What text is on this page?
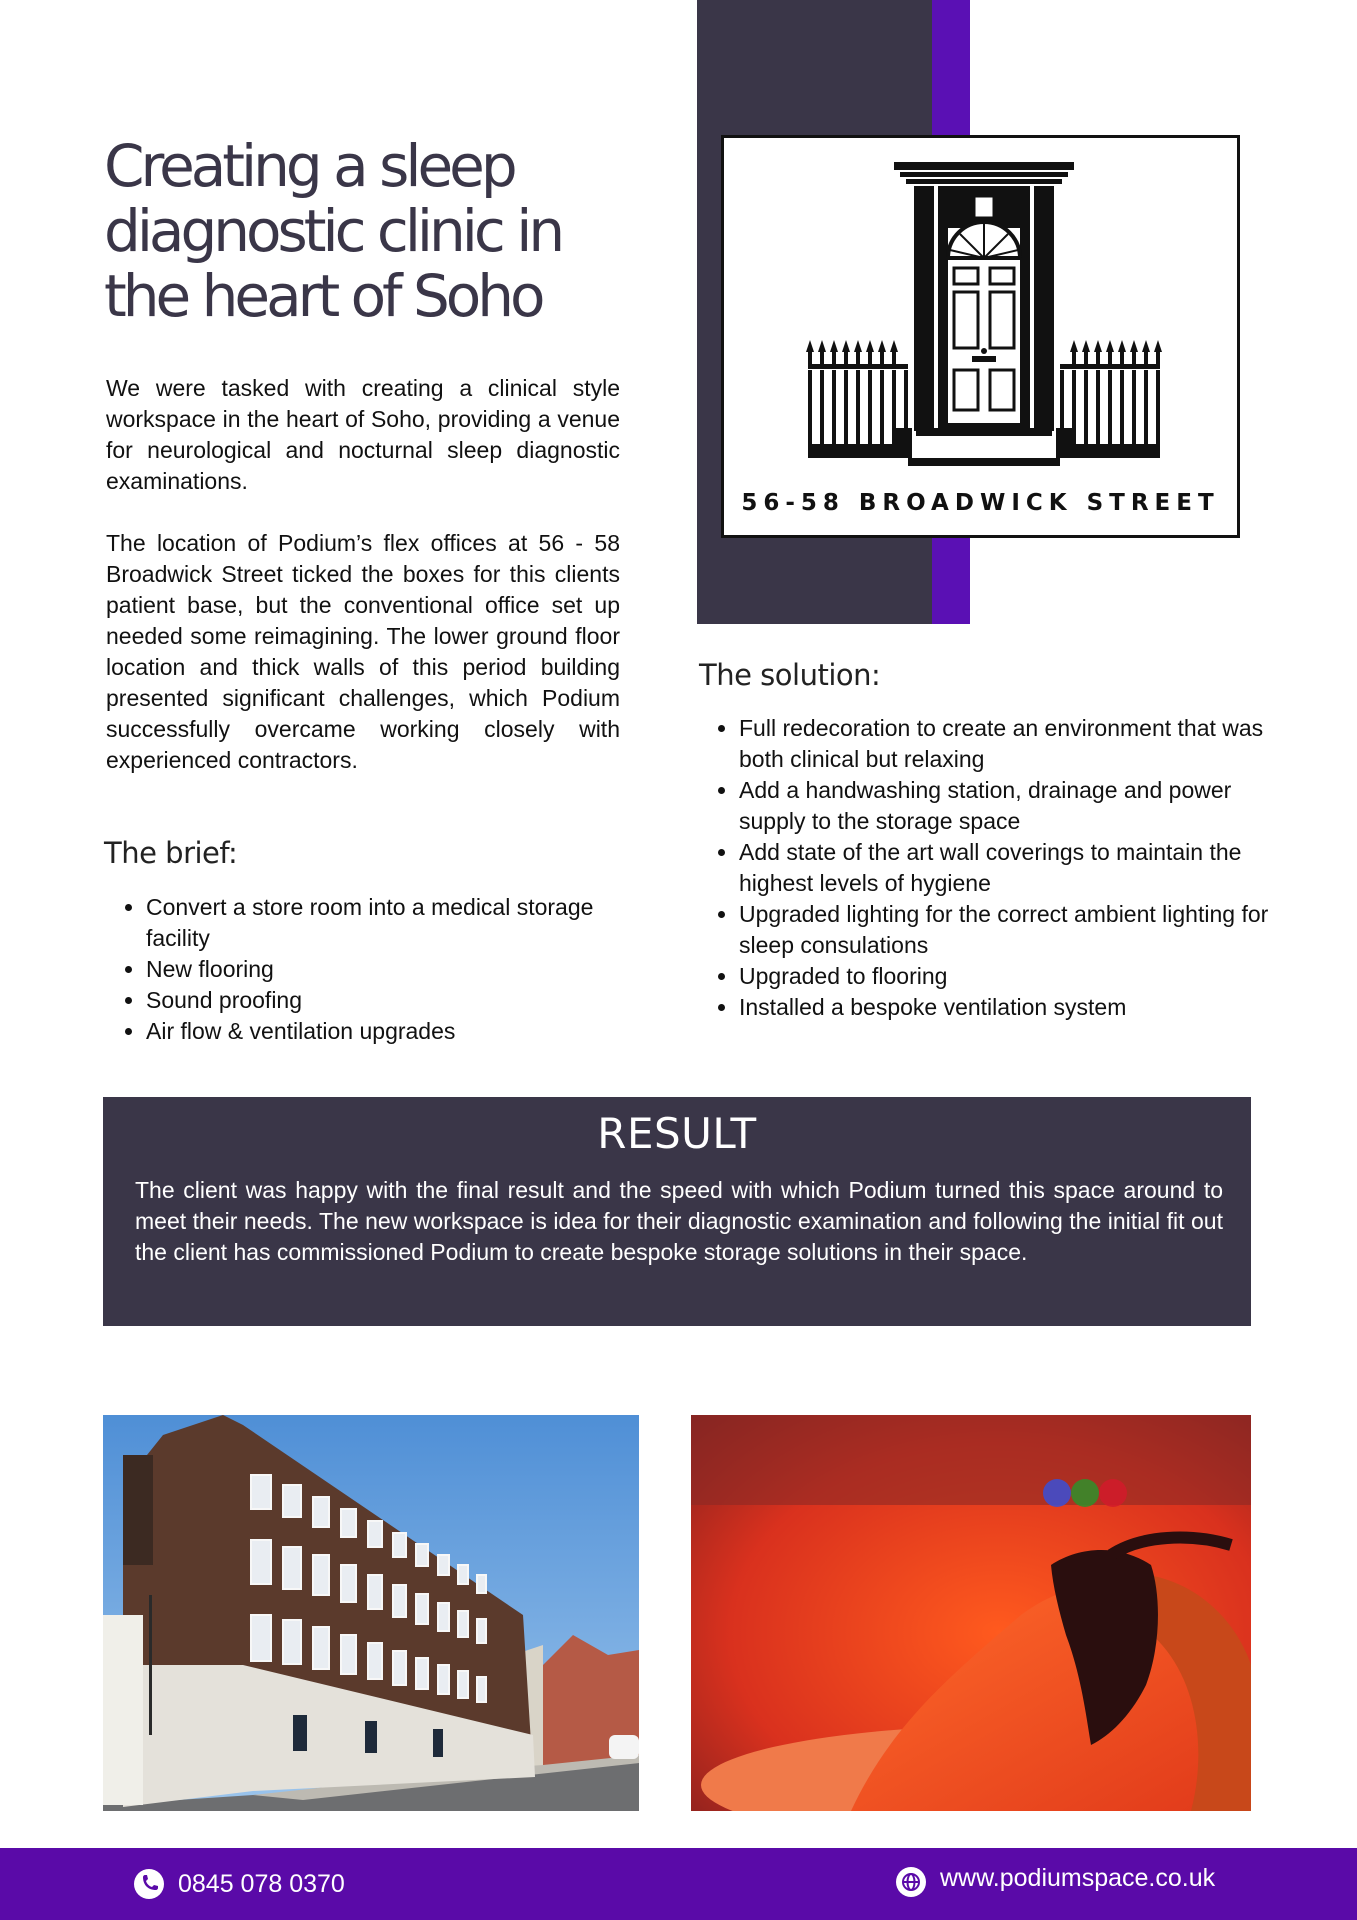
Creating a sleep diagnostic clinic in the heart of Soho

We were tasked with creating a clinical style workspace in the heart of Soho, providing a venue for neurological and nocturnal sleep diagnostic examinations.

The location of Podium’s flex offices at 56 - 58 Broadwick Street ticked the boxes for this clients patient base, but the conventional office set up needed some reimagining. The lower ground floor location and thick walls of this period building presented significant challenges, which Podium successfully overcame working closely with experienced contractors.

The brief:
• Convert a store room into a medical storage facility
• New flooring
• Sound proofing
• Air flow & ventilation upgrades
56-58 BROADWICK STREET
The solution:
• Full redecoration to create an environment that was both clinical but relaxing
• Add a handwashing station, drainage and power supply to the storage space
• Add state of the art wall coverings to maintain the highest levels of hygiene
• Upgraded lighting for the correct ambient lighting for sleep consulations
• Upgraded to flooring
• Installed a bespoke ventilation system
RESULT

The client was happy with the final result and the speed with which Podium turned this space around to meet their needs. The new workspace is idea for their diagnostic examination and following the initial fit out the client has commissioned Podium to create bespoke storage solutions in their space.

0845 078 0370	www.podiumspace.co.uk
